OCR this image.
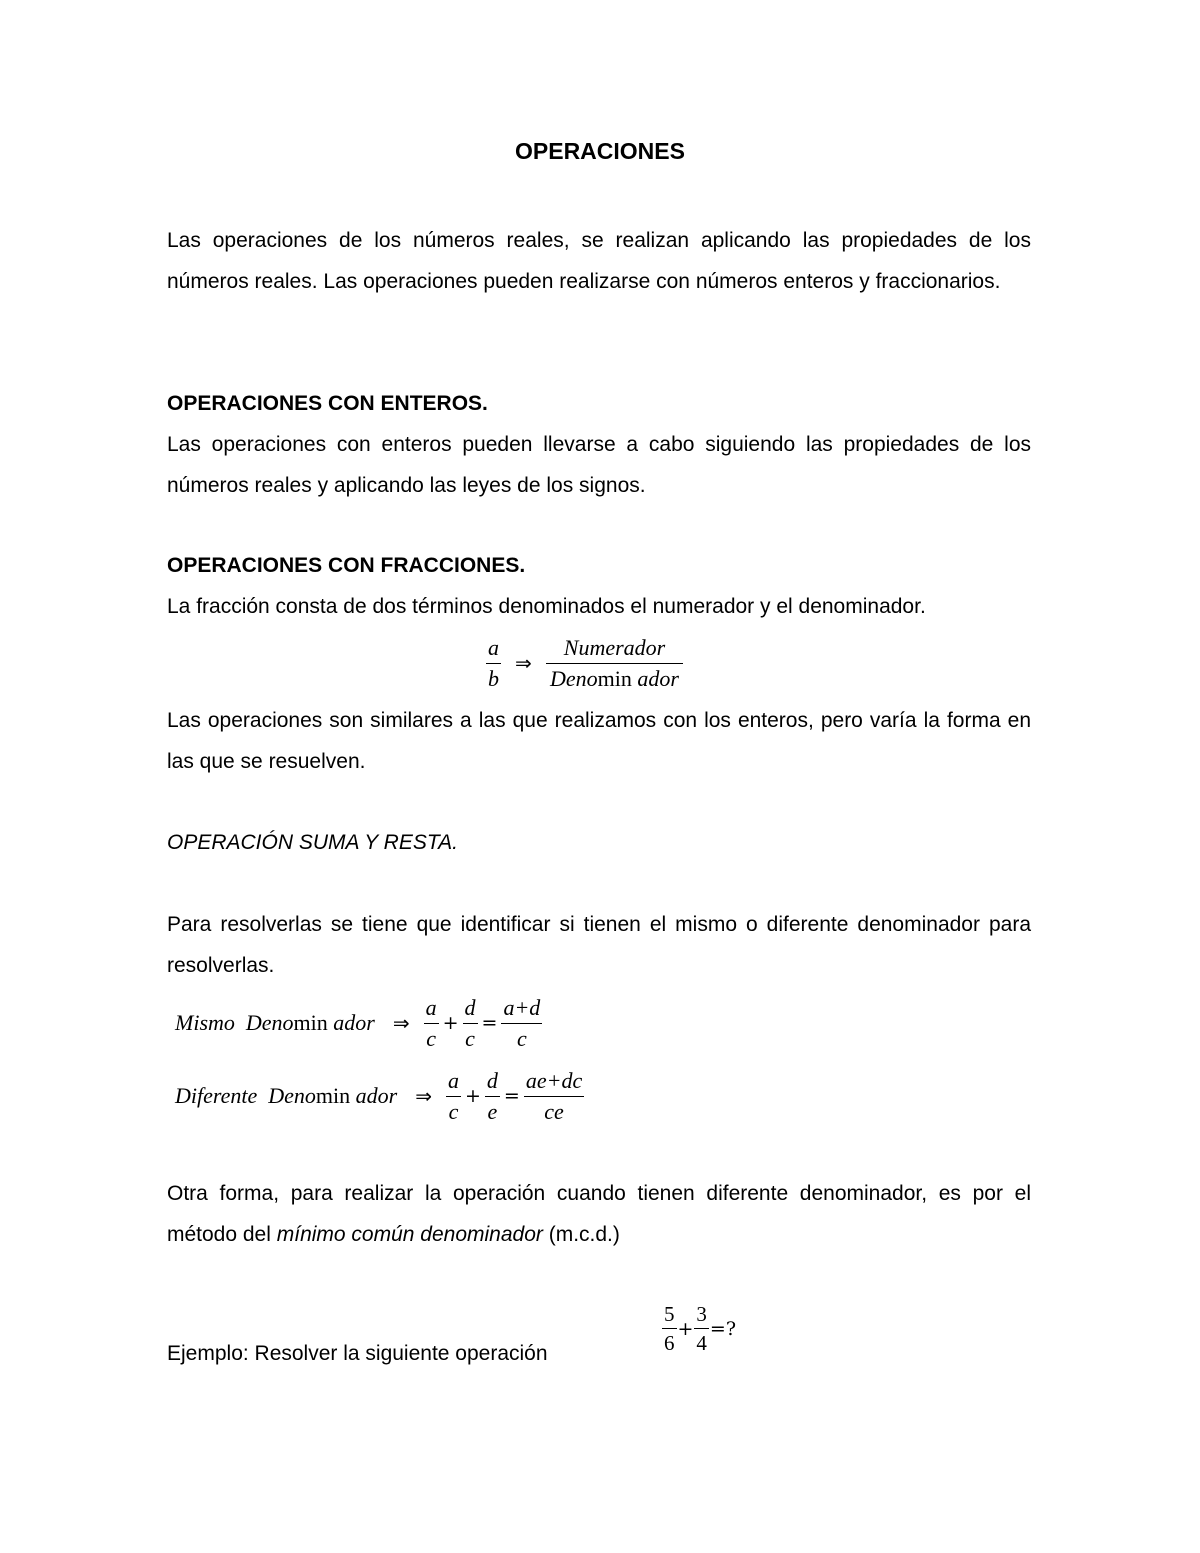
OPERACIONES

Las operaciones de los números reales, se realizan aplicando las propiedades de los números reales. Las operaciones pueden realizarse con números enteros y fraccionarios.

OPERACIONES CON ENTEROS.

Las operaciones con enteros pueden llevarse a cabo siguiendo las propiedades de los números reales y aplicando las leyes de los signos.

OPERACIONES CON FRACCIONES.

La fracción consta de dos términos denominados el numerador y el denominador.

$\frac{a}{b}$ ⇒ $\frac{\text{Numerador}}{\text{Denomin ador}}$

Las operaciones son similares a las que realizamos con los enteros, pero varía la forma en las que se resuelven.

OPERACIÓN SUMA Y RESTA.

Para resolverlas se tiene que identificar si tienen el mismo o diferente denominador para resolverlas.

Mismo Denomin ador ⇒ $\frac{a}{c} + \frac{d}{c} = \frac{a+d}{c}$
Diferente Denomin ador ⇒ $\frac{a}{c} + \frac{d}{e} = \frac{ae+dc}{ce}$

Otra forma, para realizar la operación cuando tienen diferente denominador, es por el método del mínimo común denominador (m.c.d.)

Ejemplo: Resolver la siguiente operación	$\frac{5}{6} + \frac{3}{4}$ =?
